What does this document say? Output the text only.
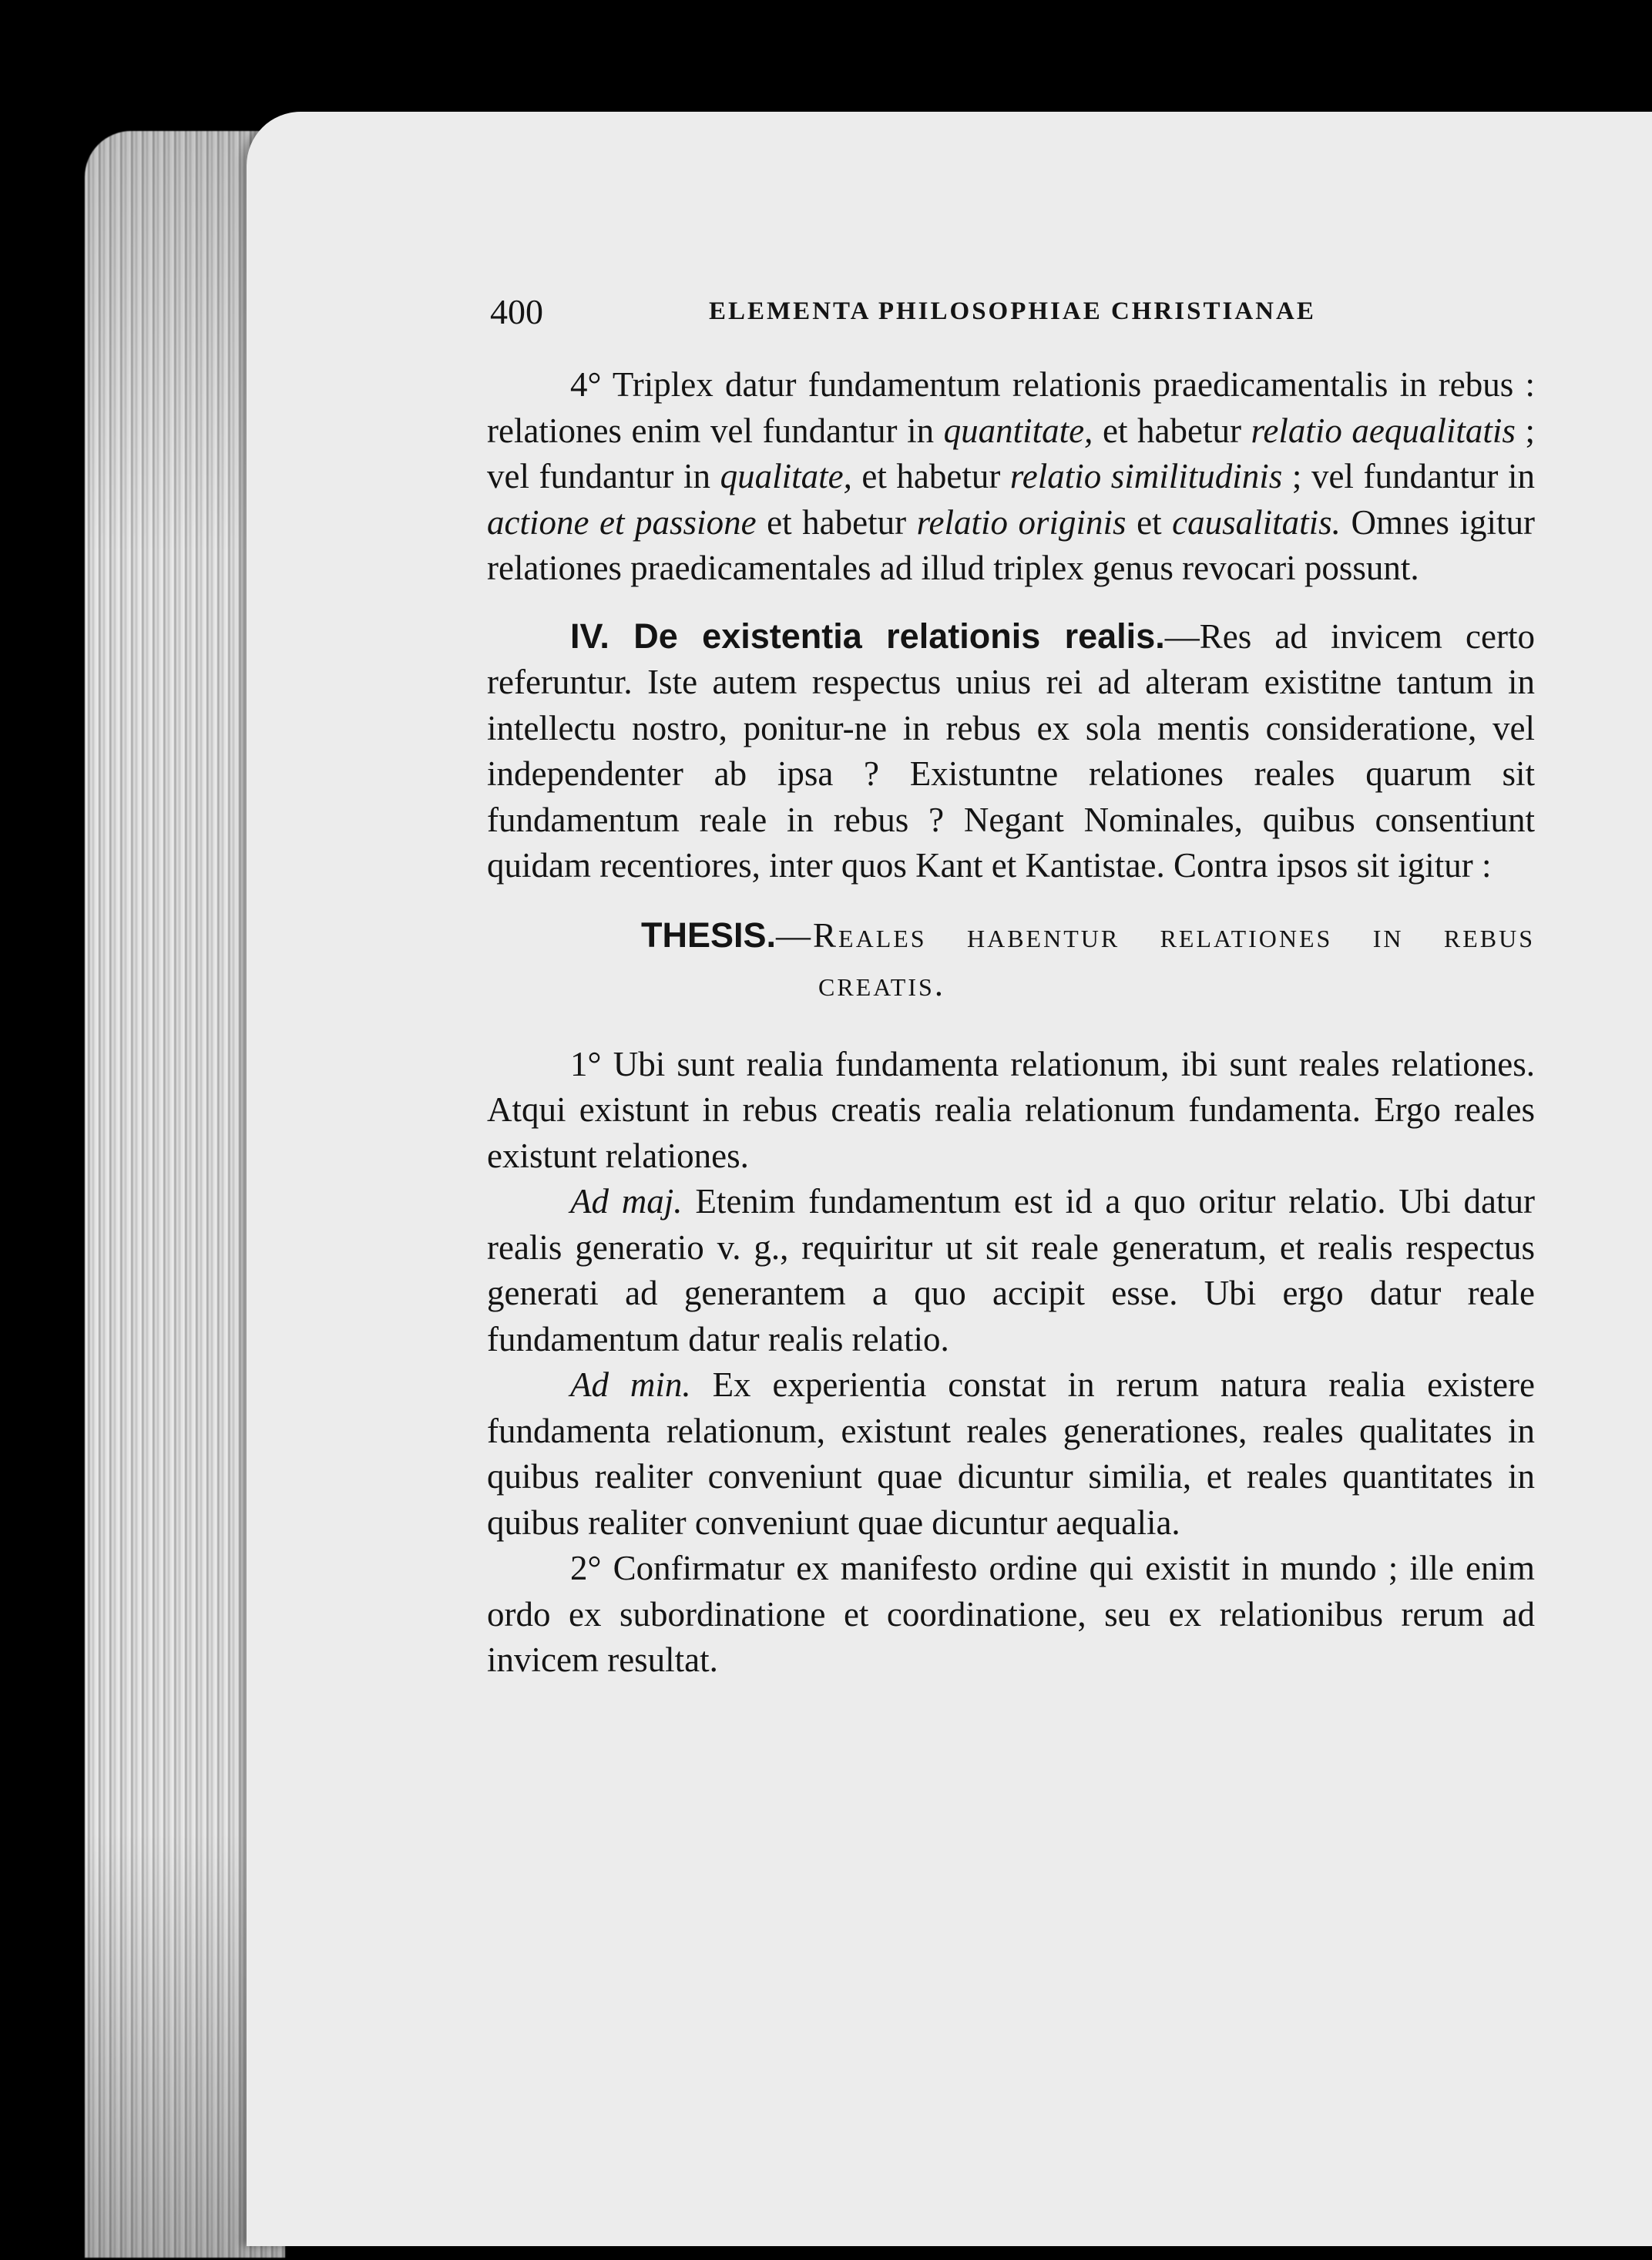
400	ELEMENTA PHILOSOPHIAE CHRISTIANAE

4° Triplex datur fundamentum relationis praedicamentalis in rebus : relationes enim vel fundantur in quantitate, et habetur relatio aequalitatis ; vel fundantur in qualitate, et habetur relatio similitudinis ; vel fundantur in actione et passione et habetur relatio originis et causalitatis. Omnes igitur relationes praedicamentales ad illud triplex genus revocari possunt.

IV. De existentia relationis realis.—Res ad invicem certo referuntur. Iste autem respectus unius rei ad alteram existitne tantum in intellectu nostro, ponitur-ne in rebus ex sola mentis consideratione, vel independenter ab ipsa ? Existuntne relationes reales quarum sit fundamentum reale in rebus ? Negant Nominales, quibus consentiunt quidam recentiores, inter quos Kant et Kantistae. Contra ipsos sit igitur :

THESIS.—Reales habentur relationes in rebus
creatis.

1° Ubi sunt realia fundamenta relationum, ibi sunt reales relationes. Atqui existunt in rebus creatis realia relationum fundamenta. Ergo reales existunt relationes.

Ad maj. Etenim fundamentum est id a quo oritur relatio. Ubi datur realis generatio v. g., requiritur ut sit reale generatum, et realis respectus generati ad generantem a quo accipit esse. Ubi ergo datur reale fundamentum datur realis relatio.

Ad min. Ex experientia constat in rerum natura realia existere fundamenta relationum, existunt reales generationes, reales qualitates in quibus realiter conveniunt quae dicuntur similia, et reales quantitates in quibus realiter conveniunt quae dicuntur aequalia.

2° Confirmatur ex manifesto ordine qui existit in mundo ; ille enim ordo ex subordinatione et coordinatione, seu ex relationibus rerum ad invicem resultat.
